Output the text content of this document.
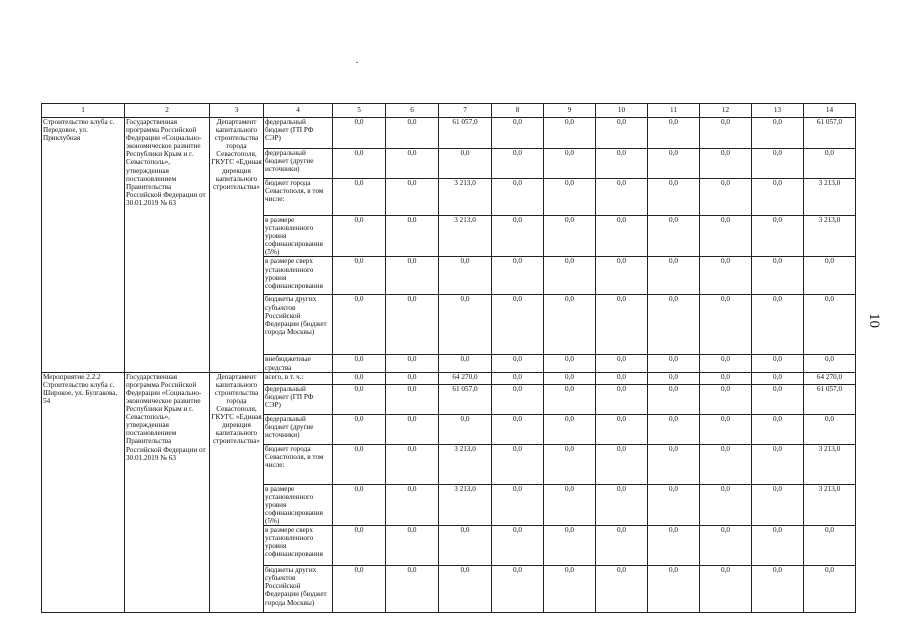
1	2	3	4	5	6	7	8	9	10	11	12	13	14
Строительство клуба с. Передовое, ул. Приклубная	Государственная программа Российской Федерации «Социально-экономическое развитие Республики Крым и г. Севастополь», утвержденная постановлением Правительства Российской Федерации от 30.01.2019 № 63	Департамент капитального строительства города Севастополя, ГКУГС «Единая дирекция капитального строительства»	федеральный бюджет (ГП РФ СЭР)	0,0	0,0	61 057,0	0,0	0,0	0,0	0,0	0,0	0,0	61 057,0
			федеральный бюджет (другие источники)	0,0	0,0	0,0	0,0	0,0	0,0	0,0	0,0	0,0	0,0
			бюджет города Севастополя, в том числе:	0,0	0,0	3 213,0	0,0	0,0	0,0	0,0	0,0	0,0	3 213,0
			в размере установленного уровня софинансирования (5%)	0,0	0,0	3 213,0	0,0	0,0	0,0	0,0	0,0	0,0	3 213,0
			в размере сверх установленного уровня софинансирования	0,0	0,0	0,0	0,0	0,0	0,0	0,0	0,0	0,0	0,0
			бюджеты других субъектов Российской Федерации (бюджет города Москвы)	0,0	0,0	0,0	0,0	0,0	0,0	0,0	0,0	0,0	0,0
			внебюджетные средства	0,0	0,0	0,0	0,0	0,0	0,0	0,0	0,0	0,0	0,0
Мероприятие 2.2.2 Строительство клуба с. Широкое, ул. Булгакова, 54	Государственная программа Российской Федерации «Социально-экономическое развитие Республики Крым и г. Севастополь», утвержденная постановлением Правительства Российской Федерации от 30.01.2019 № 63	Департамент капитального строительства города Севастополя, ГКУГС «Единая дирекция капитального строительства»	всего, в т. ч.:	0,0	0,0	64 270,0	0,0	0,0	0,0	0,0	0,0	0,0	64 270,0
			федеральный бюджет (ГП РФ СЭР)	0,0	0,0	61 057,0	0,0	0,0	0,0	0,0	0,0	0,0	61 057,0
			федеральный бюджет (другие источники)	0,0	0,0	0,0	0,0	0,0	0,0	0,0	0,0	0,0	0,0
			бюджет города Севастополя, в том числе:	0,0	0,0	3 213,0	0,0	0,0	0,0	0,0	0,0	0,0	3 213,0
			в размере установленного уровня софинансирования (5%)	0,0	0,0	3 213,0	0,0	0,0	0,0	0,0	0,0	0,0	3 213,0
			в размере сверх установленного уровня софинансирования	0,0	0,0	0,0	0,0	0,0	0,0	0,0	0,0	0,0	0,0
			бюджеты других субъектов Российской Федерации (бюджет города Москвы)	0,0	0,0	0,0	0,0	0,0	0,0	0,0	0,0	0,0	0,0
10
